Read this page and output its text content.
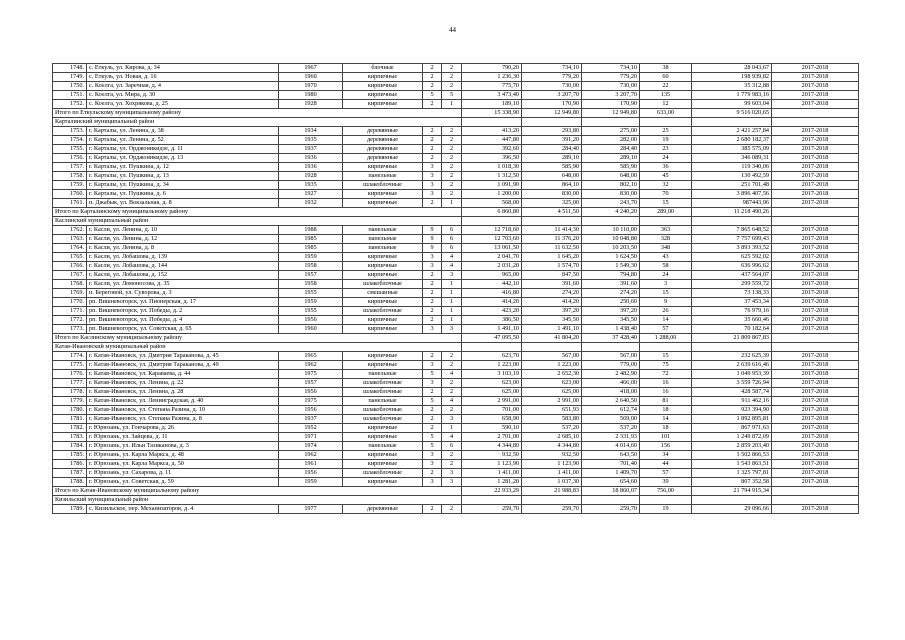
44
1748.	с. Еткуль, ул. Кирова, д. 34	1967	блочные	2	2	790,20	734,10	734,10	38	28 043,67	2017-2018
1749.	с. Еткуль, ул. Новая, д. 16	1960	кирпичные	2	2	1 236,30	779,20	779,20	60	198 939,82	2017-2018
1750.	с. Коелга, ул. Заречная, д. 4	1970	кирпичные	2	2	775,70	730,00	730,00	22	35 312,88	2017-2018
1751.	с. Коелга, ул. Мира, д. 30	1980	кирпичные	5	5	3 473,40	3 207,70	3 207,70	135	1 779 983,16	2017-2018
1752.	с. Коелга, ул. Хохрякова, д. 25	1928	кирпичные	2	1	189,10	170,90	170,90	12	99 603,04	2017-2018
Итого по Еткульскому муниципальному району						15 338,90	12 949,80	12 949,80	633,00	9 516 020,65	
Карталинский муниципальный район											
1753.	г. Карталы, ул. Ленина, д. 38	1934	деревянные	2	2	413,20	293,80	275,00	25	2 421 257,84	2017-2018
1754.	г. Карталы, ул. Ленина, д. 52	1935	деревянные	2	2	447,80	391,20	282,00	19	2 680 182,37	2017-2018
1755.	г. Карталы, ул. Орджоникидзе, д. 11	1937	деревянные	2	2	392,60	284,40	284,40	23	385 575,09	2017-2018
1756.	г. Карталы, ул. Орджоникидзе, д. 13	1936	деревянные	2	2	396,50	289,10	289,10	24	346 089,31	2017-2018
1757.	г. Карталы, ул. Пушкина, д. 12	1936	кирпичные	3	2	1 018,30	585,90	585,90	36	119 340,06	2017-2018
1758.	г. Карталы, ул. Пушкина, д. 13	1928	панельные	3	2	1 312,50	648,00	648,00	45	130 492,59	2017-2018
1759.	г. Карталы, ул. Пушкина, д. 34	1935	шлакоблочные	3	2	1 091,90	864,10	802,10	32	251 701,48	2017-2018
1760.	г. Карталы, ул. Пушкина, д. 6	1927	кирпичные	3	2	1 200,00	830,00	830,00	70	3 896 407,56	2017-2018
1761.	п. Джабык, ул. Вокзальная, д. 8	1932	кирпичные	2	1	568,00	325,00	243,70	15	987443,96	2017-2018
Итого по Карталинскому муниципальному району						6 860,80	4 511,50	4 240,20	289,00	11 218 490,26	
Каслинский муниципальный район											
1762.	г. Касли, ул. Ленина, д. 10	1988	панельные	9	6	12 718,60	11 414,30	10 110,00	363	7 865 648,52	2017-2018
1763.	г. Касли, ул. Ленина, д. 12	1985	панельные	9	6	12 703,60	11 376,20	10 048,80	328	7 757 699,43	2017-2018
1764.	г. Касли, ул. Ленина, д. 8	1985	панельные	9	6	13 061,50	11 632,50	10 203,50	348	3 893 393,52	2017-2018
1765.	г. Касли, ул. Лобашова, д. 139	1959	кирпичные	3	4	2 041,70	1 645,20	1 624,50	43	625 592,02	2017-2018
1766.	г. Касли, ул. Лобашова, д. 144	1958	кирпичные	3	4	2 031,20	1 574,70	1 549,30	58	636 996,62	2017-2018
1767.	г. Касли, ул. Лобашова, д. 152	1957	кирпичные	2	3	965,00	847,50	794,80	24	437 564,07	2017-2018
1768.	г. Касли, ул. Ломоносова, д. 35	1958	шлакоблочные	2	1	442,10	391,60	391,60	3	299 559,72	2017-2018
1769.	п. Береговой, ул. Суворова, д. 3	1955	смешанные	2	1	416,80	274,20	274,20	15	73 138,33	2017-2018
1770.	рп. Вишневогорск, ул. Пионерская, д. 17	1959	кирпичные	2	1	414,20	414,20	250,60	9	37 453,34	2017-2018
1771.	рп. Вишневогорск, ул. Победы, д. 2	1955	шлакоблочные	2	1	423,20	397,20	397,20	26	76 979,16	2017-2018
1772.	рп. Вишневогорск, ул. Победы, д. 4	1956	кирпичные	2	1	386,50	345,50	345,50	14	35 660,46	2017-2018
1773.	рп. Вишневогорск, ул. Советская, д. 65	1960	кирпичные	3	3	1 491,10	1 491,10	1 438,40	57	70 182,64	2017-2018
Итого по Каслинскому муниципальному району						47 095,50	41 804,20	37 428,40	1 288,00	21 809 867,83	
Катав-Ивановский муниципальный район											
1774.	г. Катав-Ивановск, ул. Дмитрия Тараканова, д. 45	1965	кирпичные	2	2	623,70	567,00	567,00	15	232 625,39	2017-2018
1775.	г. Катав-Ивановск, ул. Дмитрия Тараканова, д. 49	1962	кирпичные	3	2	1 223,00	1 223,00	779,00	75	2 639 616,46	2017-2018
1776.	г. Катав-Ивановск, ул. Караваева, д. 44	1975	панельные	5	4	3 103,19	2 652,30	2 482,90	72	1 049 953,39	2017-2018
1777.	г. Катав-Ивановск, ул. Ленина, д. 22	1957	шлакоблочные	3	2	623,00	623,00	466,00	16	3 559 726,94	2017-2018
1778.	г. Катав-Ивановск, ул. Ленина, д. 28	1956	шлакоблочные	2	2	625,00	625,00	418,00	16	428 587,74	2017-2018
1779.	г. Катав-Ивановск, ул. Ленинградская, д. 40	1975	панельные	5	4	2 991,00	2 991,00	2 640,50	81	911 462,16	2017-2018
1780.	г. Катав-Ивановск, ул. Степана Разина, д. 10	1956	шлакоблочные	2	2	701,00	651,93	612,74	18	923 394,90	2017-2018
1781.	г. Катав-Ивановск, ул. Степана Разина, д. 8	1937	шлакоблочные	2	3	658,90	583,80	569,00	14	1 892 895,81	2017-2018
1782.	г. Юрюзань, ул. Гончарова, д. 26	1952	кирпичные	2	1	590,10	537,20	537,20	18	867 971,63	2017-2018
1783.	г. Юрюзань, ул. Зайцева, д. 11	1971	кирпичные	5	4	2 701,00	2 685,10	2 331,93	101	1 249 872,09	2017-2018
1784.	г. Юрюзань, ул. Ильи Тазиканова, д. 3	1974	панельные	5	6	4 344,80	4 344,80	4 014,60	156	2 859 203,40	2017-2018
1785.	г. Юрюзань, ул. Карла Маркса, д. 48	1962	кирпичные	3	2	932,50	932,50	643,50	34	1 502 866,53	2017-2018
1786.	г. Юрюзань, ул. Карла Маркса, д. 50	1961	кирпичные	3	2	1 123,90	1 123,90	701,40	44	1 543 863,51	2017-2018
1787.	г. Юрюзань, ул. Сахарова, д. 11	1956	шлакоблочные	2	3	1 411,00	1 411,00	1 409,70	57	1 325 797,81	2017-2018
1788.	г. Юрюзань, ул. Советская, д. 59	1959	кирпичные	3	3	1 281,20	1 037,30	654,60	39	807 352,58	2017-2018
Итого по Катав-Ивановскому муниципальному району						22 933,29	21 988,83	18 860,07	756,00	21 794 915,34	
Кизильский муниципальный район											
1789.	с. Кизильское, пер. Механизаторов, д. 4	1977	деревянные	2	2	259,70	259,70	259,70	19	29 096,66	2017-2018
